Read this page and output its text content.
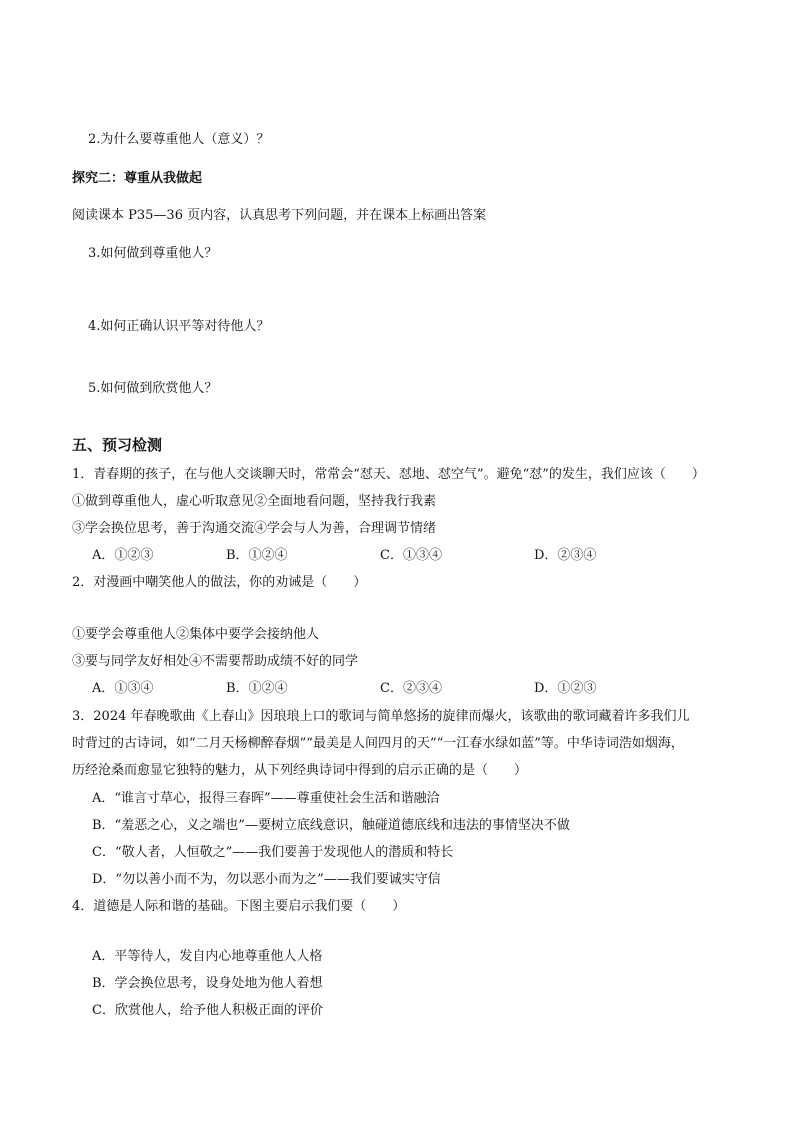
2.为什么要尊重他人（意义）？
探究二：尊重从我做起
阅读课本 P35—36 页内容，认真思考下列问题，并在课本上标画出答案
3.如何做到尊重他人？
4.如何正确认识平等对待他人？
5.如何做到欣赏他人？
五、预习检测
1．青春期的孩子，在与他人交谈聊天时，常常会“怼天、怼地、怼空气”。避免“怼”的发生，我们应该（　　）
①做到尊重他人，虚心听取意见②全面地看问题，坚持我行我素
③学会换位思考，善于沟通交流④学会与人为善，合理调节情绪
A．①②③	B．①②④	C．①③④	D．②③④
2．对漫画中嘲笑他人的做法，你的劝诫是（　　）
①要学会尊重他人②集体中要学会接纳他人
③要与同学友好相处④不需要帮助成绩不好的同学
A．①③④	B．①②④	C．②③④	D．①②③
3．2024 年春晚歌曲《上春山》因琅琅上口的歌词与简单悠扬的旋律而爆火，该歌曲的歌词藏着许多我们儿
时背过的古诗词，如“二月天杨柳醉春烟”“最美是人间四月的天”“一江春水绿如蓝”等。中华诗词浩如烟海，
历经沧桑而愈显它独特的魅力，从下列经典诗词中得到的启示正确的是（　　）
A．“谁言寸草心，报得三春晖”——尊重使社会生活和谐融洽
B．“羞恶之心，义之端也”—要树立底线意识，触碰道德底线和违法的事情坚决不做
C．“敬人者，人恒敬之”——我们要善于发现他人的潜质和特长
D．“勿以善小而不为，勿以恶小而为之”——我们要诚实守信
4．道德是人际和谐的基础。下图主要启示我们要（　　）
A．平等待人，发自内心地尊重他人人格
B．学会换位思考，设身处地为他人着想
C．欣赏他人，给予他人积极正面的评价
